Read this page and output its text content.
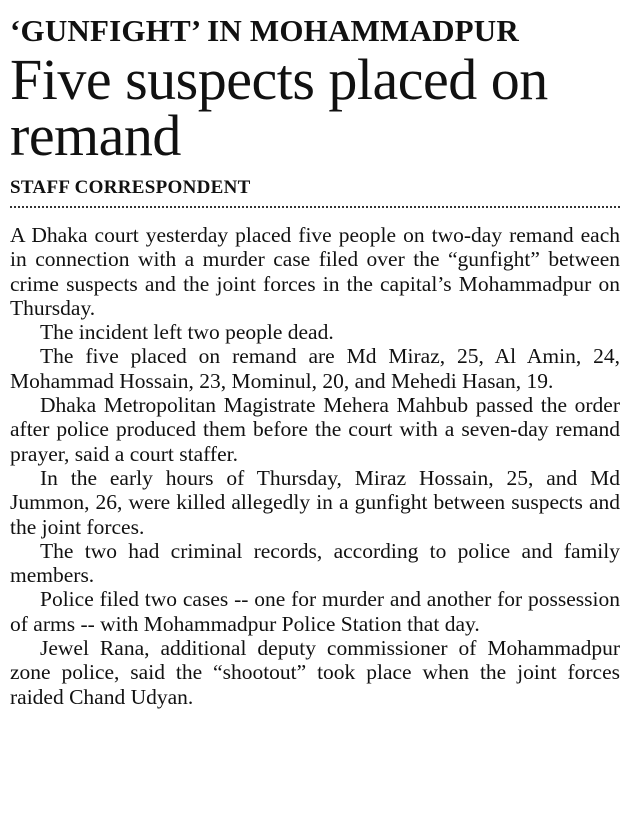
‘GUNFIGHT’ IN MOHAMMADPUR
Five suspects placed on remand
STAFF CORRESPONDENT

A Dhaka court yesterday placed five people on two-day remand each in connection with a murder case filed over the “gunfight” between crime suspects and the joint forces in the capital’s Mohammadpur on Thursday.

The incident left two people dead.

The five placed on remand are Md Miraz, 25, Al Amin, 24, Mohammad Hossain, 23, Mominul, 20, and Mehedi Hasan, 19.

Dhaka Metropolitan Magistrate Mehera Mahbub passed the order after police produced them before the court with a seven-day remand prayer, said a court staffer.

In the early hours of Thursday, Miraz Hossain, 25, and Md Jummon, 26, were killed allegedly in a gunfight between suspects and the joint forces.

The two had criminal records, according to police and family members.

Police filed two cases -- one for murder and another for possession of arms -- with Mohammadpur Police Station that day.

Jewel Rana, additional deputy commissioner of Mohammadpur zone police, said the “shootout” took place when the joint forces raided Chand Udyan.
